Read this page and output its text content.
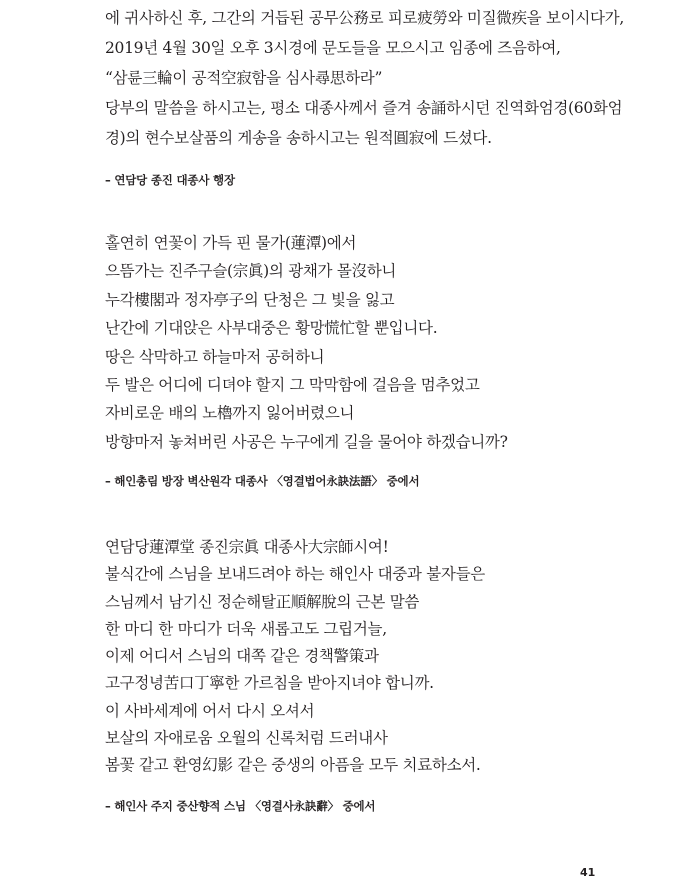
에 귀사하신 후, 그간의 거듭된 공무公務로 피로疲勞와 미질微疾을 보이시다가,
2019년 4월 30일 오후 3시경에 문도들을 모으시고 임종에 즈음하여,
“삼륜三輪이 공적空寂함을 심사尋思하라”
당부의 말씀을 하시고는, 평소 대종사께서 즐겨 송誦하시던 진역화엄경(60화엄
경)의 현수보살품의 게송을 송하시고는 원적圓寂에 드셨다.
– 연담당 종진 대종사 행장
홀연히 연꽃이 가득 핀 물가(蓮潭)에서
으뜸가는 진주구슬(宗眞)의 광채가 몰沒하니
누각樓閣과 정자亭子의 단청은 그 빛을 잃고
난간에 기대앉은 사부대중은 황망慌忙할 뿐입니다.
땅은 삭막하고 하늘마저 공허하니
두 발은 어디에 디뎌야 할지 그 막막함에 걸음을 멈추었고
자비로운 배의 노櫓까지 잃어버렸으니
방향마저 놓쳐버린 사공은 누구에게 길을 물어야 하겠습니까?
– 해인총림 방장 벽산원각 대종사 〈영결법어永訣法語〉 중에서
연담당蓮潭堂 종진宗眞 대종사大宗師시여!
불식간에 스님을 보내드려야 하는 해인사 대중과 불자들은
스님께서 남기신 정순해탈正順解脫의 근본 말씀
한 마디 한 마디가 더욱 새롭고도 그립거늘,
이제 어디서 스님의 대쪽 같은 경책警策과
고구정녕苦口丁寧한 가르침을 받아지녀야 합니까.
이 사바세계에 어서 다시 오셔서
보살의 자애로움 오월의 신록처럼 드러내사
봄꽃 같고 환영幻影 같은 중생의 아픔을 모두 치료하소서.
– 해인사 주지 중산향적 스님 〈영결사永訣辭〉 중에서
41
